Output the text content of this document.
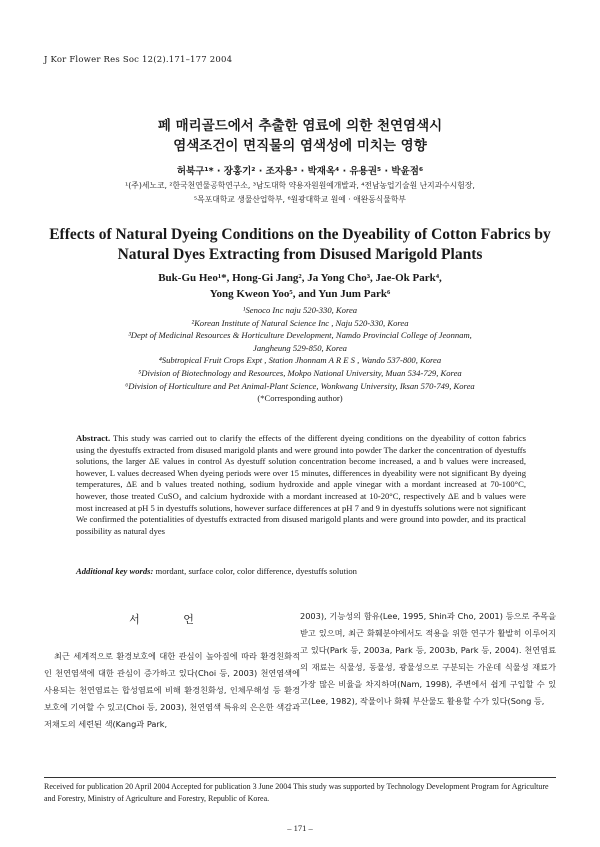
J Kor Flower Res Soc 12(2).171–177 2004
페 매리골드에서 추출한 염료에 의한 천연염색시
염색조건이 면직물의 염색성에 미치는 영향
허북구¹* · 장홍기² · 조자용³ · 박재옥⁴ · 유용권⁵ · 박윤점⁶
¹(주)세노코, ²한국천연물공학연구소, ³남도대학 약용자원원예개발과, ⁴전남농업기술원 난지과수시험장,
⁵목포대학교 생물산업학부, ⁶원광대학교 원예 · 애완동식물학부
Effects of Natural Dyeing Conditions on the Dyeability of Cotton Fabrics by Natural Dyes Extracting from Disused Marigold Plants
Buk-Gu Heo¹*, Hong-Gi Jang², Ja Yong Cho³, Jae-Ok Park⁴,
Yong Kweon Yoo⁵, and Yun Jum Park⁶
¹Senoco Inc naju 520-330, Korea
²Korean Institute of Natural Science Inc , Naju 520-330, Korea
³Dept of Medicinal Resources & Horticulture Development, Namdo Provincial College of Jeonnam,
Jangheung 529-850, Korea
⁴Subtropical Fruit Crops Expt , Station Jhonnam A R E S , Wando 537-800, Korea
⁵Division of Biotechnology and Resources, Mokpo National University, Muan 534-729, Korea
⁶Division of Horticulture and Pet Animal-Plant Science, Wonkwang University, Iksan 570-749, Korea
(*Corresponding author)
Abstract. This study was carried out to clarify the effects of the different dyeing conditions on the dyeability of cotton fabrics using the dyestuffs extracted from disused marigold plants and were ground into powder The darker the concentration of dyestuffs solutions, the larger ΔE values in control As dyestuff solution concentration become increased, a and b values were increased, however, L values decreased When dyeing periods were over 15 minutes, differences in dyeability were not significant By dyeing temperatures, ΔE and b values treated nothing, sodium hydroxide and apple vinegar with a mordant increased at 70-100°C, however, those treated CuSO₄ and calcium hydroxide with a mordant increased at 10-20°C, respectively ΔE and b values were most increased at pH 5 in dyestuffs solutions, however surface differences at pH 7 and 9 in dyestuffs solutions were not significant We confirmed the potentialities of dyestuffs extracted from disused marigold plants and were ground into powder, and its practical possibility as natural dyes
Additional key words: mordant, surface color, color difference, dyestuffs solution
서 언

최근 세계적으로 환경보호에 대한 관심이 높아짐에 따라 환경친화적인 천연염색에 대한 관심이 증가하고 있다(Choi 등, 2003) 천연염색에 사용되는 천연염료는 합성염료에 비해 환경친화성, 인체무해성 등 환경보호에 기여할 수 있고(Choi 등, 2003), 천연염색 특유의 은은한 색감과 저채도의 세련된 색(Kang과 Park,

2003), 기능성의 함유(Lee, 1995, Shin과 Cho, 2001) 등으로 주목을 받고 있으며, 최근 화훼분야에서도 적용을 위한 연구가 활발히 이루어지고 있다(Park 등, 2003a, Park 등, 2003b, Park 등, 2004). 천연염료의 재료는 식물성, 동물성, 광물성으로 구분되는 가운데 식물성 재료가 가장 많은 비율을 차지하며(Nam, 1998), 주변에서 쉽게 구입할 수 있고(Lee, 1982), 작물이나 화훼 부산물도 활용할 수가 있다(Song 등,

Received for publication 20 April 2004 Accepted for publication 3 June 2004 This study was supported by Technology Development Program for Agriculture and Forestry, Ministry of Agriculture and Forestry, Republic of Korea.
– 171 –
